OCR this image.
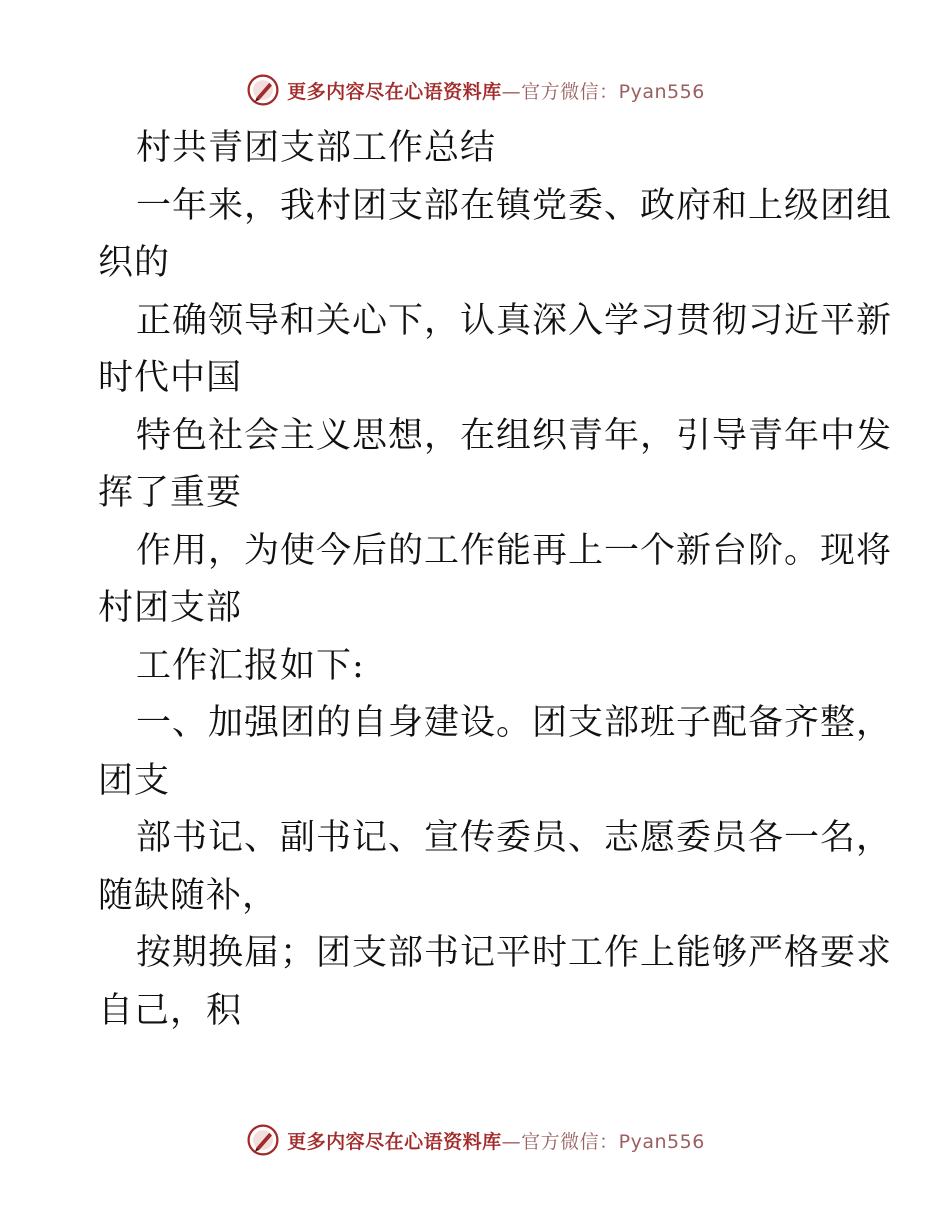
更多内容尽在心语资料库—官方微信：Pyan556
村共青团支部工作总结
一年来，我村团支部在镇党委、政府和上级团组
织的
正确领导和关心下，认真深入学习贯彻习近平新
时代中国
特色社会主义思想，在组织青年，引导青年中发
挥了重要
作用，为使今后的工作能再上一个新台阶。现将
村团支部
工作汇报如下:
一、加强团的自身建设。团支部班子配备齐整，
团支
部书记、副书记、宣传委员、志愿委员各一名，
随缺随补，
按期换届；团支部书记平时工作上能够严格要求
自己，积
更多内容尽在心语资料库—官方微信：Pyan556
